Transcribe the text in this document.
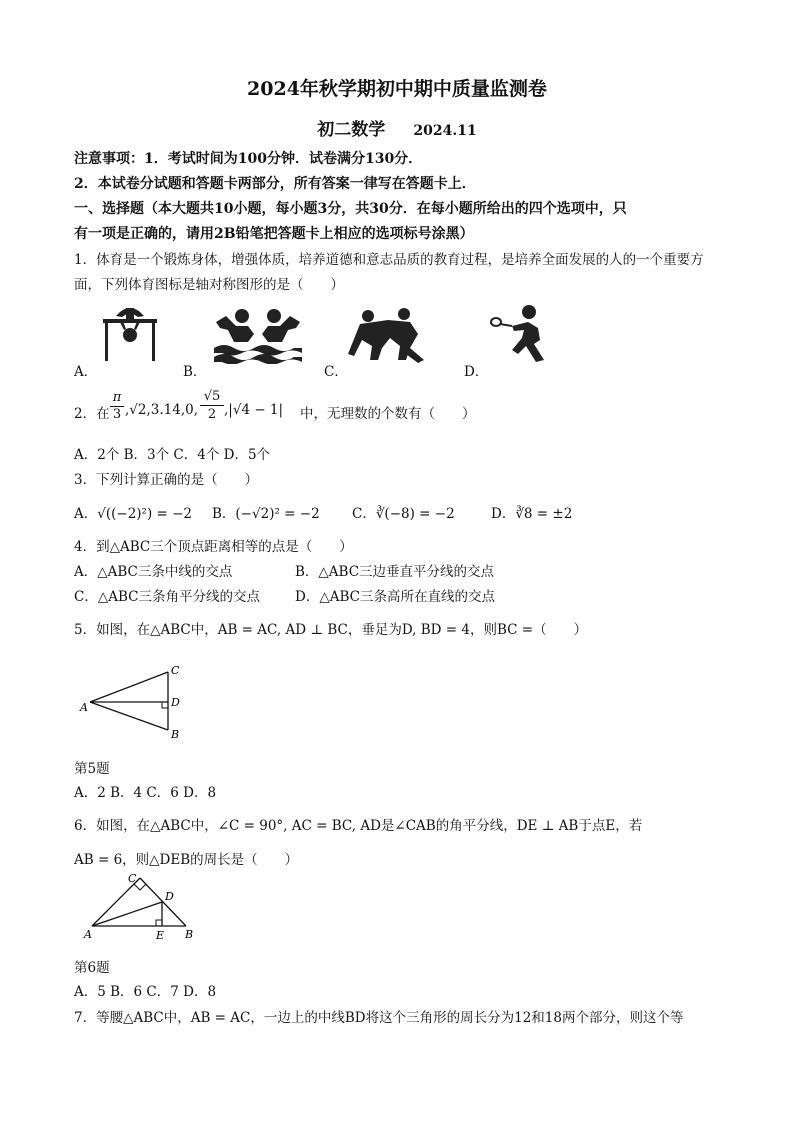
2024年秋学期初中期中质量监测卷
初二数学 2024.11
注意事项：1．考试时间为100分钟．试卷满分130分．
2．本试卷分试题和答题卡两部分，所有答案一律写在答题卡上．
一、选择题（本大题共10小题，每小题3分，共30分．在每小题所给出的四个选项中，只
有一项是正确的，请用2B铅笔把答题卡上相应的选项标号涂黑）
1．体育是一个锻炼身体，增强体质，培养道德和意志品质的教育过程，是培养全面发展的人的一个重要方
面，下列体育图标是轴对称图形的是（　　）
A．	B．	C．	D．
2．在
π
3 ,√2,3.14,0,
√5
2 ,|√4 − 1| 中，无理数的个数有（　　）
A．2个 B．3个 C．4个 D．5个
3．下列计算正确的是（　　）
A．√((−2)²) = −2 B．(−√2)² = −2 C．∛(−8) = −2	D．∛8 = ±2
4．到△ABC三个顶点距离相等的点是（　　）
A．△ABC三条中线的交点	B．△ABC三边垂直平分线的交点
C．△ABC三条角平分线的交点	D．△ABC三条高所在直线的交点
5．如图，在△ABC中，AB = AC, AD ⊥ BC，垂足为D, BD = 4，则BC =（　　）
A
B
C
D
第5题
A．2 B．4 C．6 D．8
6．如图，在△ABC中，∠C = 90°, AC = BC, AD是∠CAB的角平分线，DE ⊥ AB于点E，若
AB = 6，则△DEB的周长是（　　）
A	B
C
D
E
第6题
A．5 B．6 C．7 D．8
7．等腰△ABC中，AB = AC，一边上的中线BD将这个三角形的周长分为12和18两个部分，则这个等
